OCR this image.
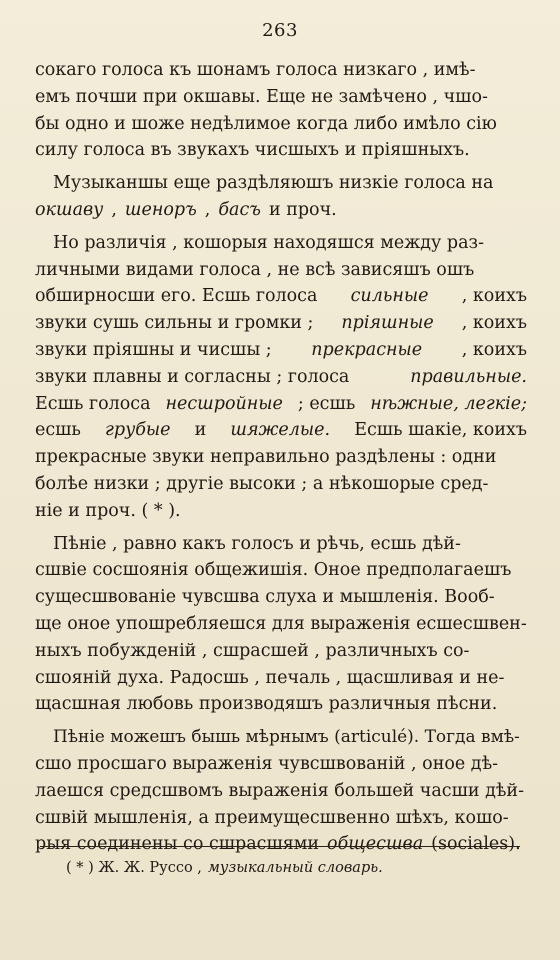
263
сокаго голоса къ шонамъ голоса низкаго , имѣ-
емъ почши при окшавы. Еще не замѣчено , чшо-
бы одно и шоже недѣлимое когда либо имѣло сію
силу голоса въ звукахъ чисшыхъ и пріяшныхъ.
Музыканшы еще раздѣляюшъ низкіе голоса на
окшаву , шеноръ , басъ и проч.
Но различія , кошорыя находяшся между раз-
личными видами голоса , не всѣ зависяшъ ошъ
обширносши его. Есшь голоса сильные , коихъ
звуки сушь сильны и громки ; пріяшные , коихъ
звуки пріяшны и чисшы ; прекрасные , коихъ
звуки плавны и согласны ; голоса	правильные.
Есшь голоса несшройные ; есшь нѣжные, легкіе;
есшь грубые и шяжелые. Есшь шакіе, коихъ
прекрасные звуки неправильно раздѣлены : одни
болѣе низки ; другіе высоки ; а нѣкошорые сред-
ніе и проч. ( * ).
Пѣніе , равно какъ голосъ и рѣчь, есшь дѣй-
сшвіе сосшоянія общежишія. Оное предполагаешъ
сущесшвованіе чувсшва слуха и мышленія. Вооб-
ще оное упошребляешся для выраженія есшесшвен-
ныхъ побужденій , сшрасшей , различныхъ со-
сшояній духа. Радосшь , печаль , щасшливая и не-
щасшная любовь производяшъ различныя пѣсни.
Пѣніе можешъ бышь мѣрнымъ (articulé). Тогда вмѣ-
сшо просшаго выраженія чувсшвованій , оное дѣ-
лаешся средсшвомъ выраженія большей часши дѣй-
сшвій мышленія, а преимущесшвенно шѣхъ, кошо-
рыя соединены со сшрасшями общесшва (sociales).
( * ) Ж. Ж. Руссо , музыкальный словарь.
